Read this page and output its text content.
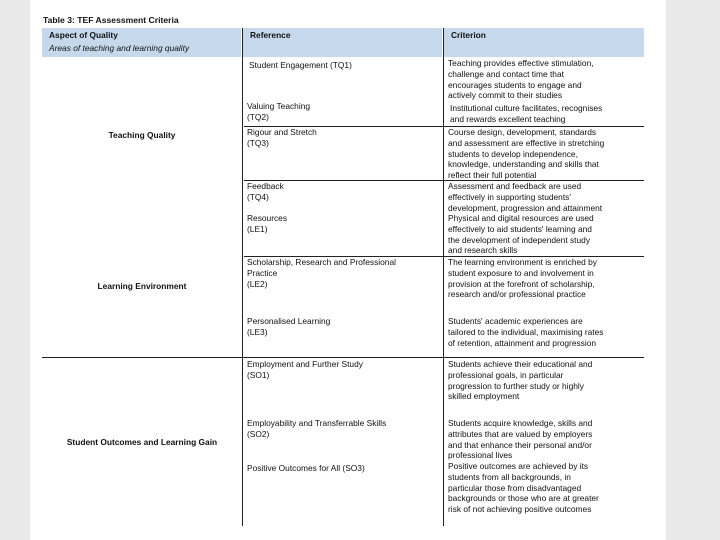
Table 3: TEF Assessment Criteria
Aspect of Quality
Areas of teaching and learning quality
Reference	Criterion
Teaching Quality
Learning Environment
Student Outcomes and Learning Gain
Student Engagement (TQ1)
Valuing Teaching
(TQ2)
Rigour and Stretch
(TQ3)
Feedback
(TQ4)
Resources
(LE1)
Scholarship, Research and Professional
Practice
(LE2)
Personalised Learning
(LE3)
Employment and Further Study
(SO1)
Employability and Transferrable Skills
(SO2)
Positive Outcomes for All (SO3)
Teaching provides effective stimulation,
challenge and contact time that
encourages students to engage and
actively commit to their studies
Institutional culture facilitates, recognises
and rewards excellent teaching
Course design, development, standards
and assessment are effective in stretching
students to develop independence,
knowledge, understanding and skills that
reflect their full potential
Assessment and feedback are used
effectively in supporting students'
development, progression and attainment
Physical and digital resources are used
effectively to aid students' learning and
the development of independent study
and research skills
The learning environment is enriched by
student exposure to and involvement in
provision at the forefront of scholarship,
research and/or professional practice
Students' academic experiences are
tailored to the individual, maximising rates
of retention, attainment and progression
Students achieve their educational and
professional goals, in particular
progression to further study or highly
skilled employment
Students acquire knowledge, skills and
attributes that are valued by employers
and that enhance their personal and/or
professional lives
Positive outcomes are achieved by its
students from all backgrounds, in
particular those from disadvantaged
backgrounds or those who are at greater
risk of not achieving positive outcomes
